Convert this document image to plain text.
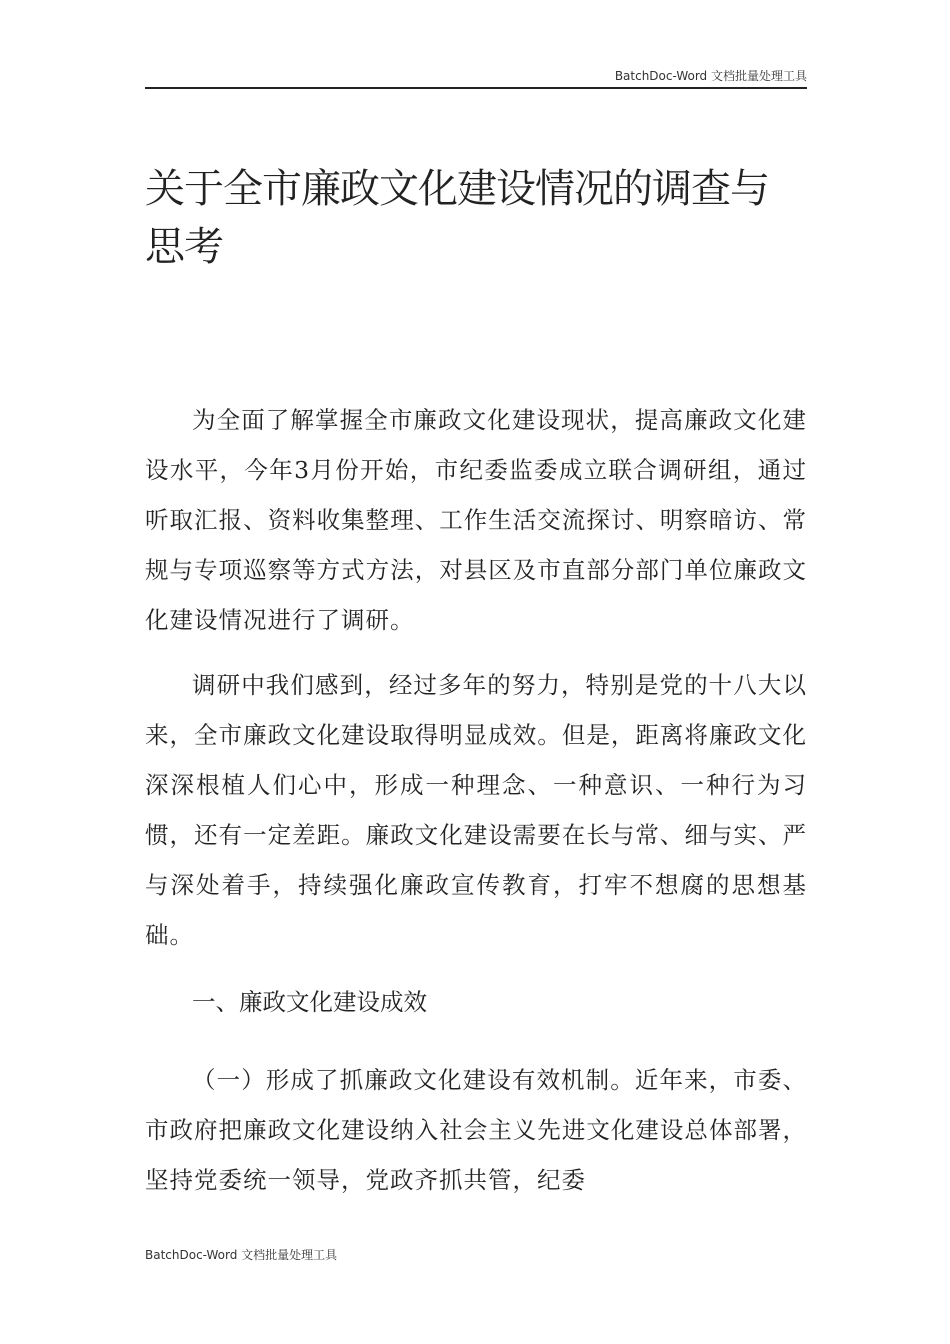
BatchDoc-Word 文档批量处理工具
关于全市廉政文化建设情况的调查与思考

为全面了解掌握全市廉政文化建设现状，提高廉政文化建设水平，今年3月份开始，市纪委监委成立联合调研组，通过听取汇报、资料收集整理、工作生活交流探讨、明察暗访、常规与专项巡察等方式方法，对县区及市直部分部门单位廉政文化建设情况进行了调研。

调研中我们感到，经过多年的努力，特别是党的十八大以来，全市廉政文化建设取得明显成效。但是，距离将廉政文化深深根植人们心中，形成一种理念、一种意识、一种行为习惯，还有一定差距。廉政文化建设需要在长与常、细与实、严与深处着手，持续强化廉政宣传教育，打牢不想腐的思想基础。

一、廉政文化建设成效

（一）形成了抓廉政文化建设有效机制。近年来，市委、市政府把廉政文化建设纳入社会主义先进文化建设总体部署，坚持党委统一领导，党政齐抓共管，纪委

BatchDoc-Word 文档批量处理工具
